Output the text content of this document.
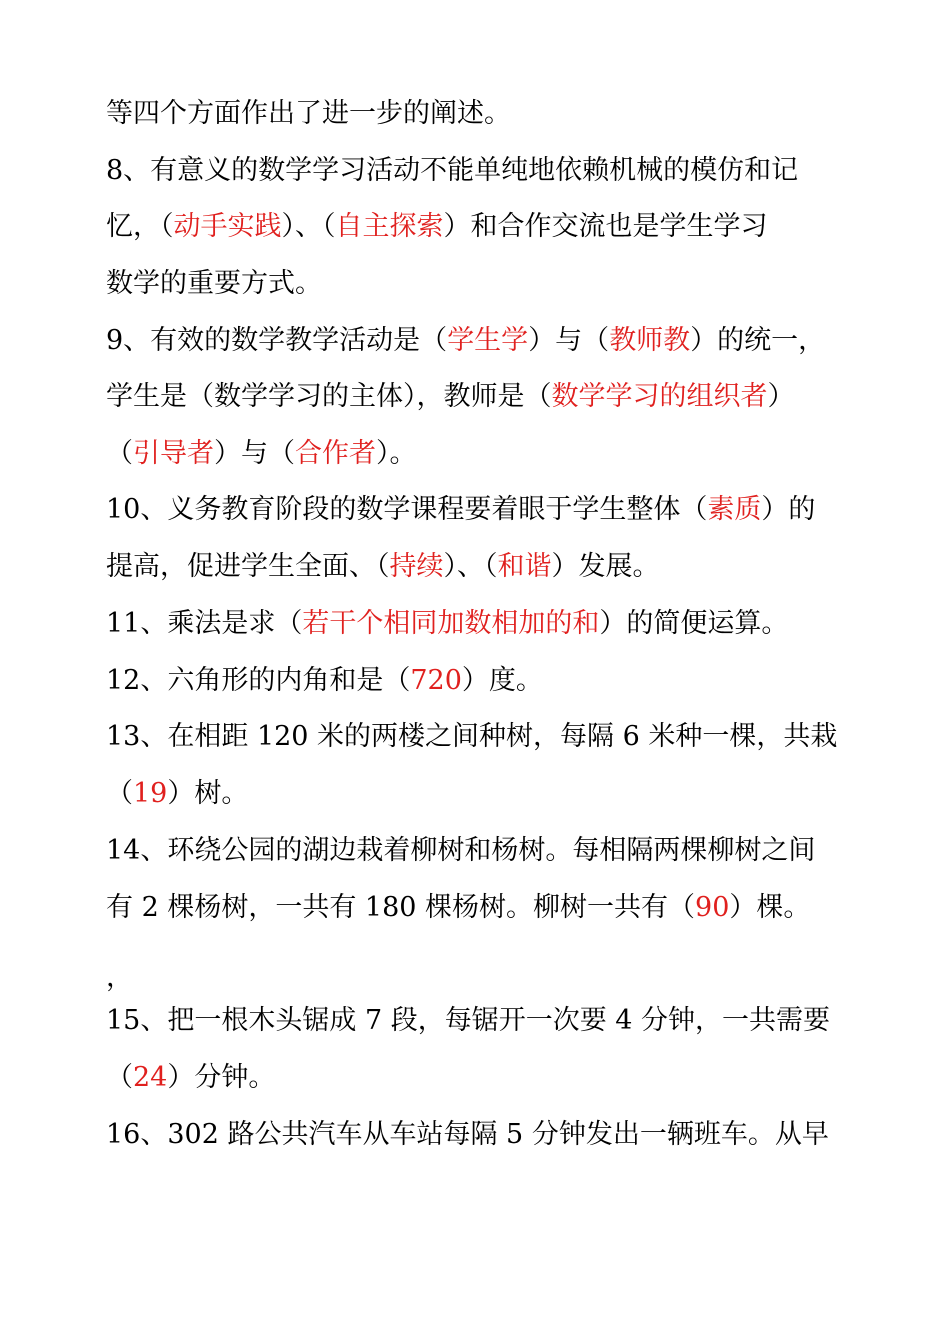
等四个方面作出了进一步的阐述。
8、有意义的数学学习活动不能单纯地依赖机械的模仿和记
忆，（动手实践）、（自主探索）和合作交流也是学生学习
数学的重要方式。
9、有效的数学教学活动是（学生学）与（教师教）的统一，
学生是（数学学习的主体），教师是（数学学习的组织者）
（引导者）与（合作者）。
10、义务教育阶段的数学课程要着眼于学生整体（素质）的
提高，促进学生全面、（持续）、（和谐）发展。
11、乘法是求（若干个相同加数相加的和）的简便运算。
12、六角形的内角和是（720）度。
13、在相距 120 米的两楼之间种树，每隔 6 米种一棵，共栽
（19）树。
14、环绕公园的湖边栽着柳树和杨树。每相隔两棵柳树之间
有 2 棵杨树，一共有 180 棵杨树。柳树一共有（90）棵。
，
15、把一根木头锯成 7 段，每锯开一次要 4 分钟，一共需要
（24）分钟。
16、302 路公共汽车从车站每隔 5 分钟发出一辆班车。从早
